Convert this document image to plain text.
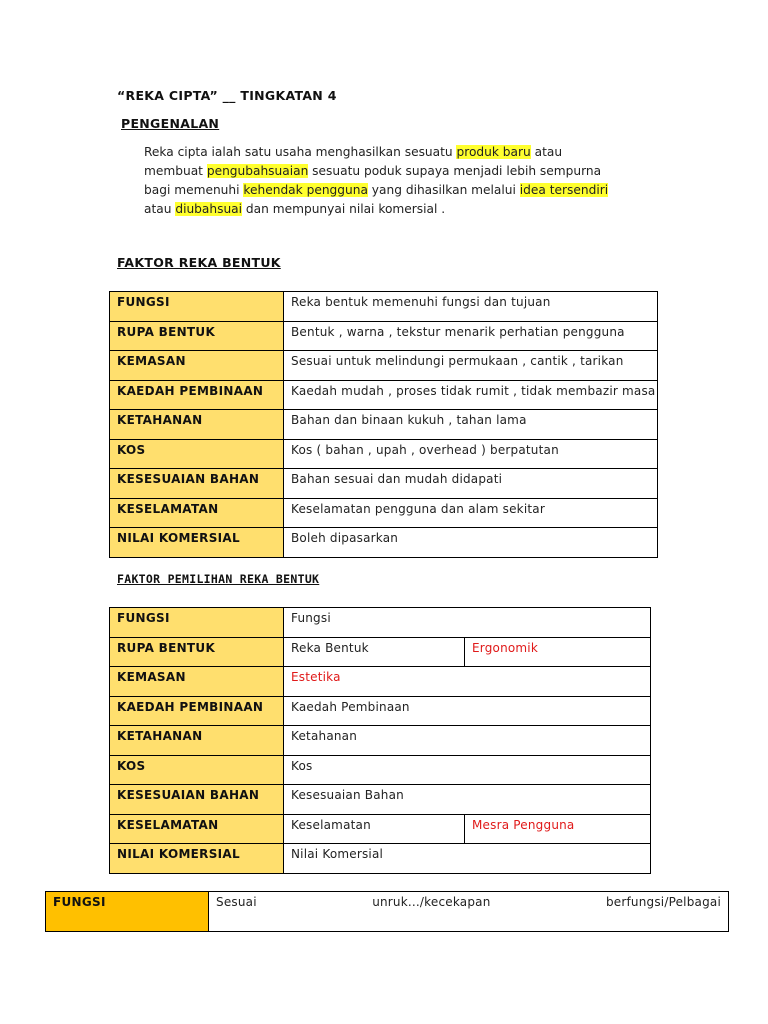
“REKA CIPTA” __ TINGKATAN 4
PENGENALAN
Reka cipta ialah satu usaha menghasilkan sesuatu produk baru atau membuat pengubahsuaian sesuatu poduk supaya menjadi lebih sempurna bagi memenuhi kehendak pengguna yang dihasilkan melalui idea tersendiri atau diubahsuai dan mempunyai nilai komersial .
FAKTOR REKA BENTUK
FUNGSI	Reka bentuk memenuhi fungsi dan tujuan
RUPA BENTUK	Bentuk , warna , tekstur menarik perhatian pengguna
KEMASAN	Sesuai untuk melindungi permukaan , cantik , tarikan
KAEDAH PEMBINAAN	Kaedah mudah , proses tidak rumit , tidak membazir masa
KETAHANAN	Bahan dan binaan kukuh , tahan lama
KOS	Kos ( bahan , upah , overhead ) berpatutan
KESESUAIAN BAHAN	Bahan sesuai dan mudah didapati
KESELAMATAN	Keselamatan pengguna dan alam sekitar
NILAI KOMERSIAL	Boleh dipasarkan
FAKTOR PEMILIHAN REKA BENTUK
FUNGSI	Fungsi	
RUPA BENTUK	Reka Bentuk	Ergonomik
KEMASAN	Estetika	
KAEDAH PEMBINAAN	Kaedah Pembinaan	
KETAHANAN	Ketahanan	
KOS	Kos	
KESESUAIAN BAHAN	Kesesuaian Bahan	
KESELAMATAN	Keselamatan	Mesra Pengguna
NILAI KOMERSIAL	Nilai Komersial	
FUNGSI	Sesuai	unruk.../kecekapan	berfungsi/Pelbagai
